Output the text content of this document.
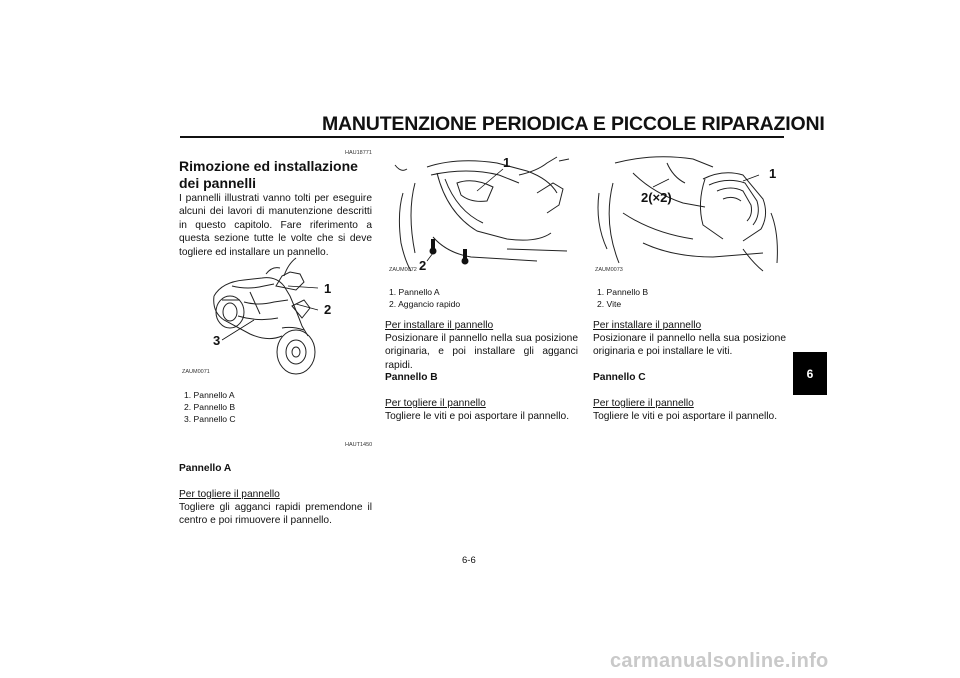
MANUTENZIONE PERIODICA E PICCOLE RIPARAZIONI
HAU18771
Rimozione ed installazione dei pannelli
I pannelli illustrati vanno tolti per eseguire alcuni dei lavori di manutenzione descritti in questo capitolo. Fare riferimento a questa sezione tutte le volte che si deve togliere ed installare un pannello.
1
2
3
ZAUM0071
1. Pannello A
2. Pannello B
3. Pannello C
HAUT1450
Pannello A
Per togliere il pannello
Togliere gli agganci rapidi premendone il centro e poi rimuovere il pannello.
1
2
ZAUM0072
1. Pannello A
2. Aggancio rapido
Per installare il pannello
Posizionare il pannello nella sua posizione originaria, e poi installare gli agganci rapidi.
Pannello B
Per togliere il pannello
Togliere le viti e poi asportare il pannello.
1
2(×2)
ZAUM0073
1. Pannello B
2. Vite
Per installare il pannello
Posizionare il pannello nella sua posizione originaria e poi installare le viti.
Pannello C
Per togliere il pannello
Togliere le viti e poi asportare il pannello.
6
6-6
carmanualsonline.info
